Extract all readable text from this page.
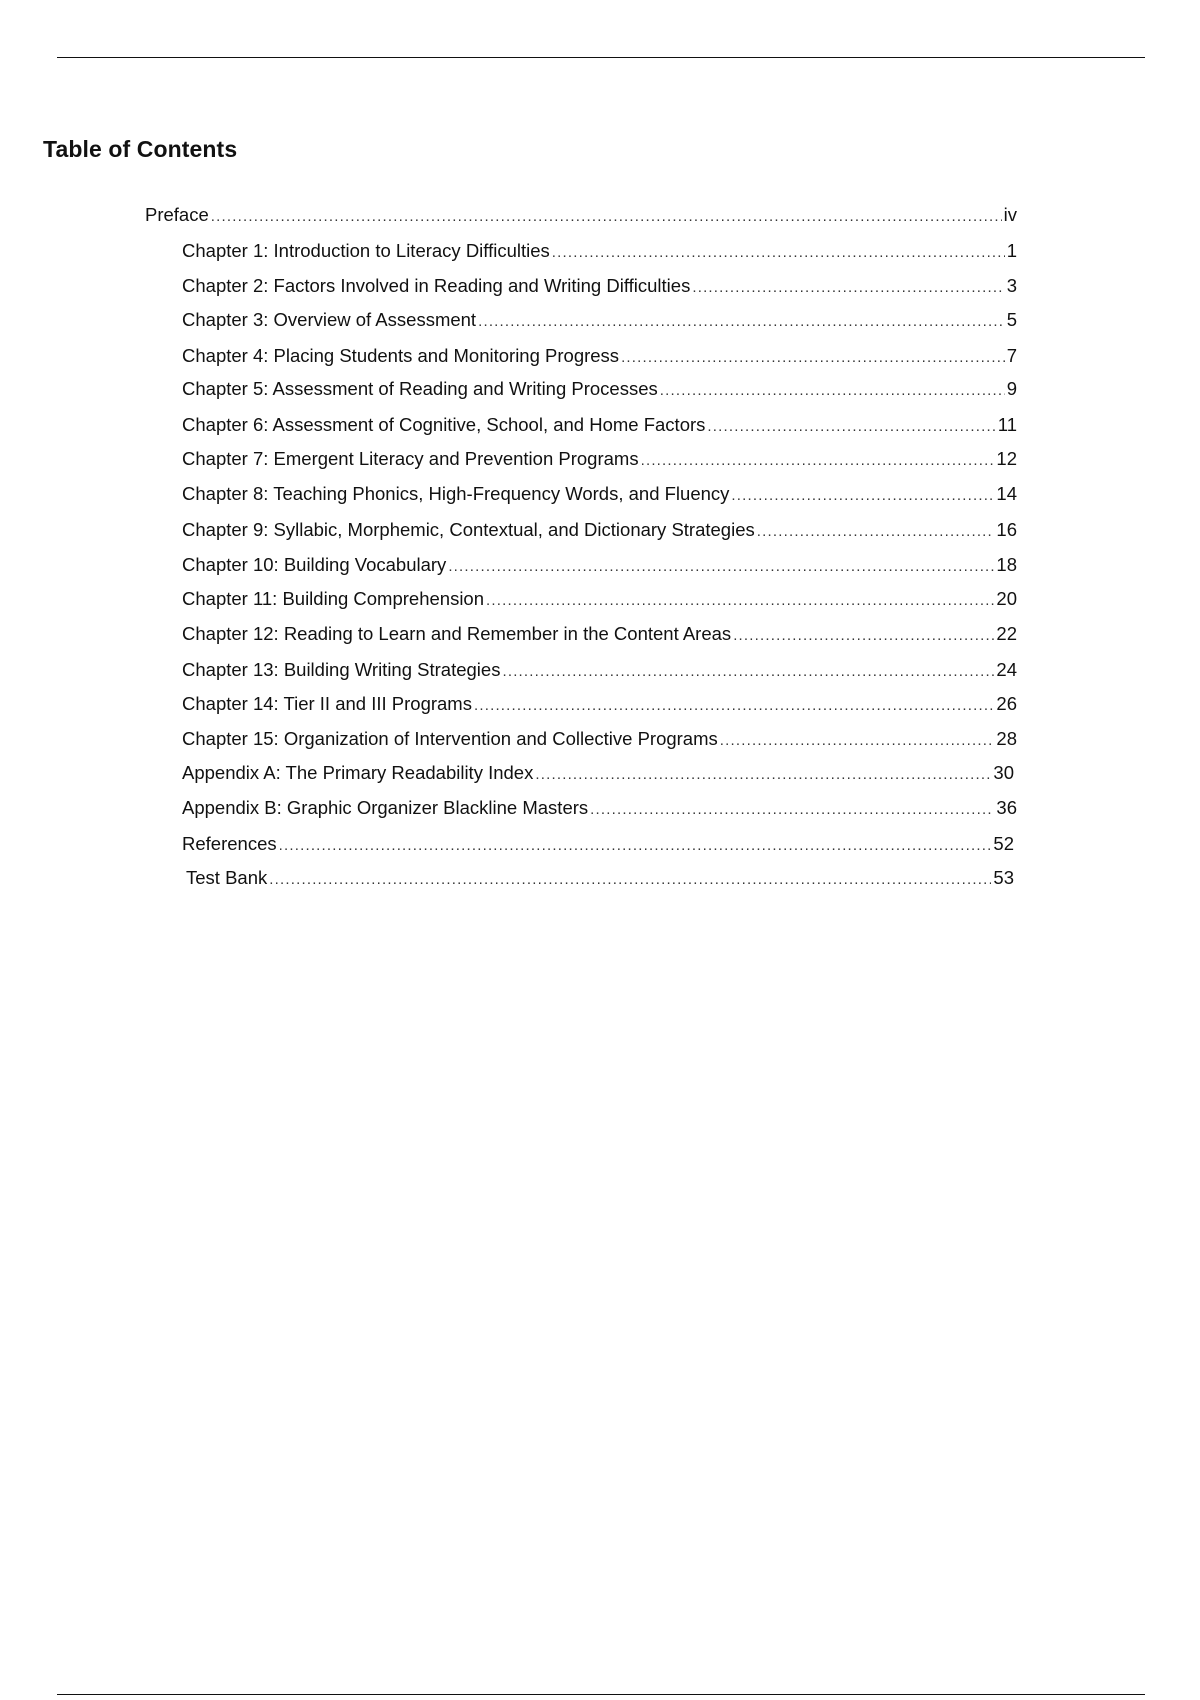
Table of Contents
Preface .....	iv
Chapter 1: Introduction to Literacy Difficulties .....	1
Chapter 2: Factors Involved in Reading and Writing Difficulties .....	3
Chapter 3: Overview of Assessment .....	5
Chapter 4: Placing Students and Monitoring Progress .....	7
Chapter 5: Assessment of Reading and Writing Processes .....	9
Chapter 6: Assessment of Cognitive, School, and Home Factors .....	11
Chapter 7: Emergent Literacy and Prevention Programs .....	12
Chapter 8: Teaching Phonics, High-Frequency Words, and Fluency .....	14
Chapter 9: Syllabic, Morphemic, Contextual, and Dictionary Strategies .....	16
Chapter 10: Building Vocabulary .....	18
Chapter 11: Building Comprehension .....	20
Chapter 12: Reading to Learn and Remember in the Content Areas .....	22
Chapter 13: Building Writing Strategies .....	24
Chapter 14: Tier II and III Programs .....	26
Chapter 15: Organization of Intervention and Collective Programs .....	28
Appendix A: The Primary Readability Index .....	30
Appendix B: Graphic Organizer Blackline Masters .....	36
References .....	52
Test Bank .....	53
